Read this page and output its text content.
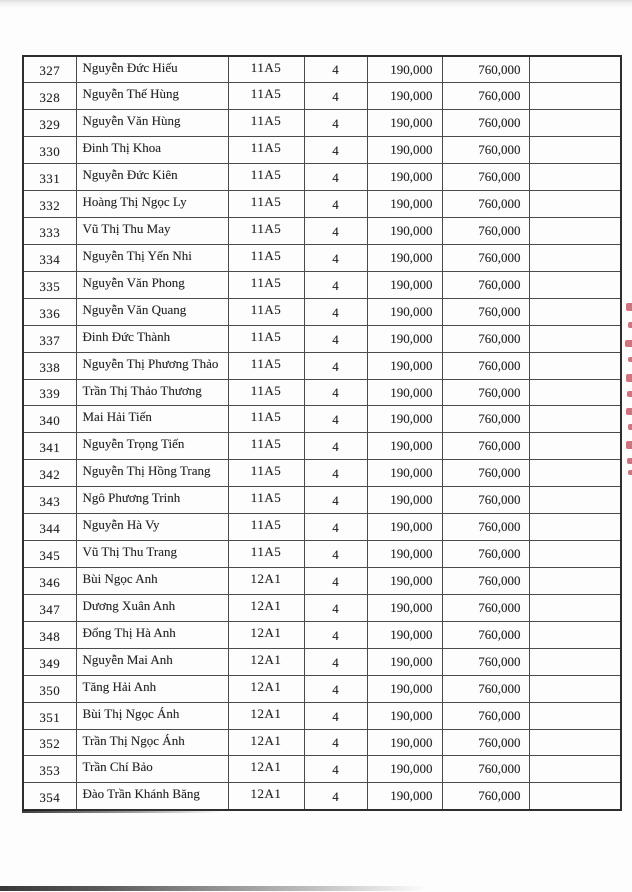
327	Nguyễn Đức Hiếu	11A5	4	190,000	760,000	
328	Nguyễn Thế Hùng	11A5	4	190,000	760,000	
329	Nguyễn Văn Hùng	11A5	4	190,000	760,000	
330	Đinh Thị Khoa	11A5	4	190,000	760,000	
331	Nguyễn Đức Kiên	11A5	4	190,000	760,000	
332	Hoàng Thị Ngọc Ly	11A5	4	190,000	760,000	
333	Vũ Thị Thu May	11A5	4	190,000	760,000	
334	Nguyễn Thị Yến Nhi	11A5	4	190,000	760,000	
335	Nguyễn Văn Phong	11A5	4	190,000	760,000	
336	Nguyễn Văn Quang	11A5	4	190,000	760,000	
337	Đinh Đức Thành	11A5	4	190,000	760,000	
338	Nguyễn Thị Phương Thảo	11A5	4	190,000	760,000	
339	Trần Thị Thảo Thương	11A5	4	190,000	760,000	
340	Mai Hải Tiến	11A5	4	190,000	760,000	
341	Nguyễn Trọng Tiến	11A5	4	190,000	760,000	
342	Nguyễn Thị Hồng Trang	11A5	4	190,000	760,000	
343	Ngô Phương Trinh	11A5	4	190,000	760,000	
344	Nguyễn Hà Vy	11A5	4	190,000	760,000	
345	Vũ Thị Thu Trang	11A5	4	190,000	760,000	
346	Bùi Ngọc Anh	12A1	4	190,000	760,000	
347	Dương Xuân Anh	12A1	4	190,000	760,000	
348	Đổng Thị Hà Anh	12A1	4	190,000	760,000	
349	Nguyễn Mai Anh	12A1	4	190,000	760,000	
350	Tăng Hải Anh	12A1	4	190,000	760,000	
351	Bùi Thị Ngọc Ánh	12A1	4	190,000	760,000	
352	Trần Thị Ngọc Ánh	12A1	4	190,000	760,000	
353	Trần Chí Bảo	12A1	4	190,000	760,000	
354	Đào Trần Khánh Băng	12A1	4	190,000	760,000	
